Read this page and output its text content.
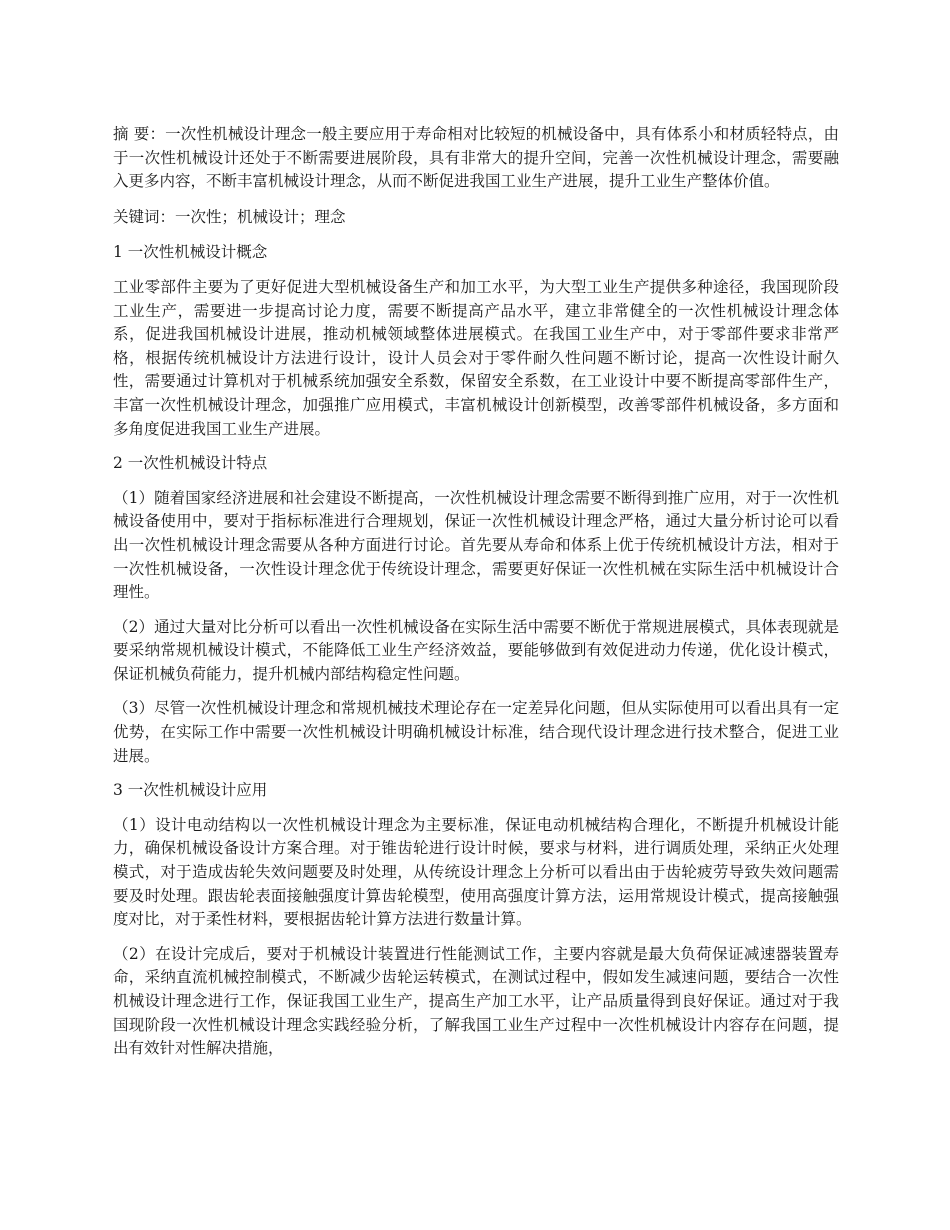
摘 要：一次性机械设计理念一般主要应用于寿命相对比较短的机械设备中，具有体系小和材质轻特点，由于一次性机械设计还处于不断需要进展阶段，具有非常大的提升空间，完善一次性机械设计理念，需要融入更多内容，不断丰富机械设计理念，从而不断促进我国工业生产进展，提升工业生产整体价值。

关键词：一次性；机械设计；理念

1 一次性机械设计概念

工业零部件主要为了更好促进大型机械设备生产和加工水平，为大型工业生产提供多种途径，我国现阶段工业生产，需要进一步提高讨论力度，需要不断提高产品水平，建立非常健全的一次性机械设计理念体系，促进我国机械设计进展，推动机械领域整体进展模式。在我国工业生产中，对于零部件要求非常严格，根据传统机械设计方法进行设计，设计人员会对于零件耐久性问题不断讨论，提高一次性设计耐久性，需要通过计算机对于机械系统加强安全系数，保留安全系数，在工业设计中要不断提高零部件生产，丰富一次性机械设计理念，加强推广应用模式，丰富机械设计创新模型，改善零部件机械设备，多方面和多角度促进我国工业生产进展。

2 一次性机械设计特点

（1）随着国家经济进展和社会建设不断提高，一次性机械设计理念需要不断得到推广应用，对于一次性机械设备使用中，要对于指标标准进行合理规划，保证一次性机械设计理念严格，通过大量分析讨论可以看出一次性机械设计理念需要从各种方面进行讨论。首先要从寿命和体系上优于传统机械设计方法，相对于一次性机械设备，一次性设计理念优于传统设计理念，需要更好保证一次性机械在实际生活中机械设计合理性。

（2）通过大量对比分析可以看出一次性机械设备在实际生活中需要不断优于常规进展模式，具体表现就是要采纳常规机械设计模式，不能降低工业生产经济效益，要能够做到有效促进动力传递，优化设计模式，保证机械负荷能力，提升机械内部结构稳定性问题。

（3）尽管一次性机械设计理念和常规机械技术理论存在一定差异化问题，但从实际使用可以看出具有一定优势，在实际工作中需要一次性机械设计明确机械设计标准，结合现代设计理念进行技术整合，促进工业进展。

3 一次性机械设计应用

（1）设计电动结构以一次性机械设计理念为主要标准，保证电动机械结构合理化，不断提升机械设计能力，确保机械设备设计方案合理。对于锥齿轮进行设计时候，要求与材料，进行调质处理，采纳正火处理模式，对于造成齿轮失效问题要及时处理，从传统设计理念上分析可以看出由于齿轮疲劳导致失效问题需要及时处理。跟齿轮表面接触强度计算齿轮模型，使用高强度计算方法，运用常规设计模式，提高接触强度对比，对于柔性材料，要根据齿轮计算方法进行数量计算。

（2）在设计完成后，要对于机械设计装置进行性能测试工作，主要内容就是最大负荷保证减速器装置寿命，采纳直流机械控制模式，不断减少齿轮运转模式，在测试过程中，假如发生减速问题，要结合一次性机械设计理念进行工作，保证我国工业生产，提高生产加工水平，让产品质量得到良好保证。通过对于我国现阶段一次性机械设计理念实践经验分析，了解我国工业生产过程中一次性机械设计内容存在问题，提出有效针对性解决措施，
